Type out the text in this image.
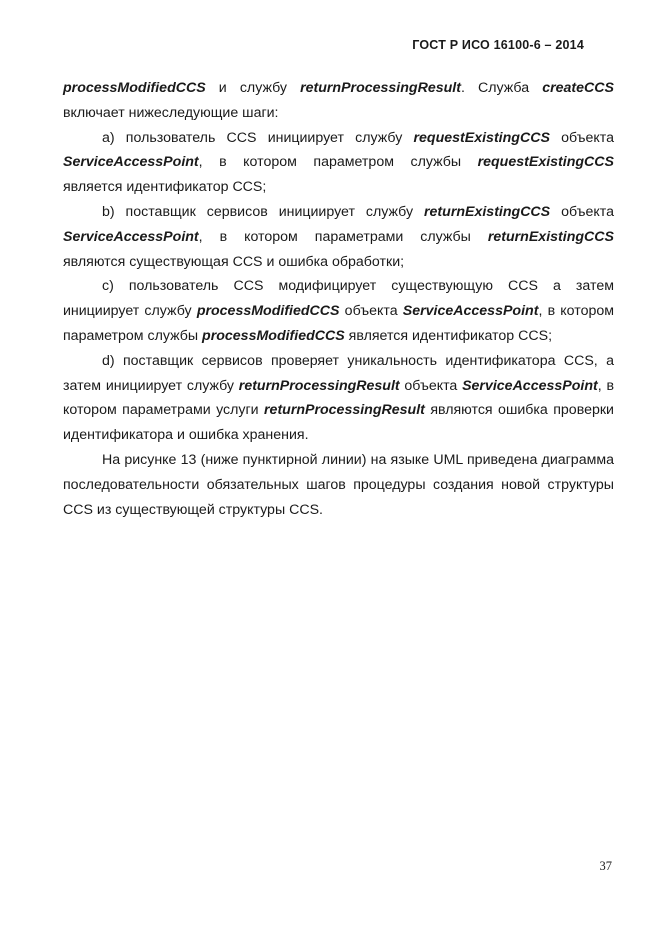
ГОСТ Р ИСО 16100-6 – 2014

processModifiedCCS и службу returnProcessingResult. Служба createCCS включает нижеследующие шаги:

a) пользователь CCS инициирует службу requestExistingCCS объекта ServiceAccessPoint, в котором параметром службы requestExistingCCS является идентификатор CCS;

b) поставщик сервисов инициирует службу returnExistingCCS объекта ServiceAccessPoint, в котором параметрами службы returnExistingCCS являются существующая CCS и ошибка обработки;

c) пользователь CCS модифицирует существующую CCS а затем инициирует службу processModifiedCCS объекта ServiceAccessPoint, в котором параметром службы processModifiedCCS является идентификатор CCS;

d) поставщик сервисов проверяет уникальность идентификатора CCS, а затем инициирует службу returnProcessingResult объекта ServiceAccessPoint, в котором параметрами услуги returnProcessingResult являются ошибка проверки идентификатора и ошибка хранения.

На рисунке 13 (ниже пунктирной линии) на языке UML приведена диаграмма последовательности обязательных шагов процедуры создания новой структуры CCS из существующей структуры CCS.

37
